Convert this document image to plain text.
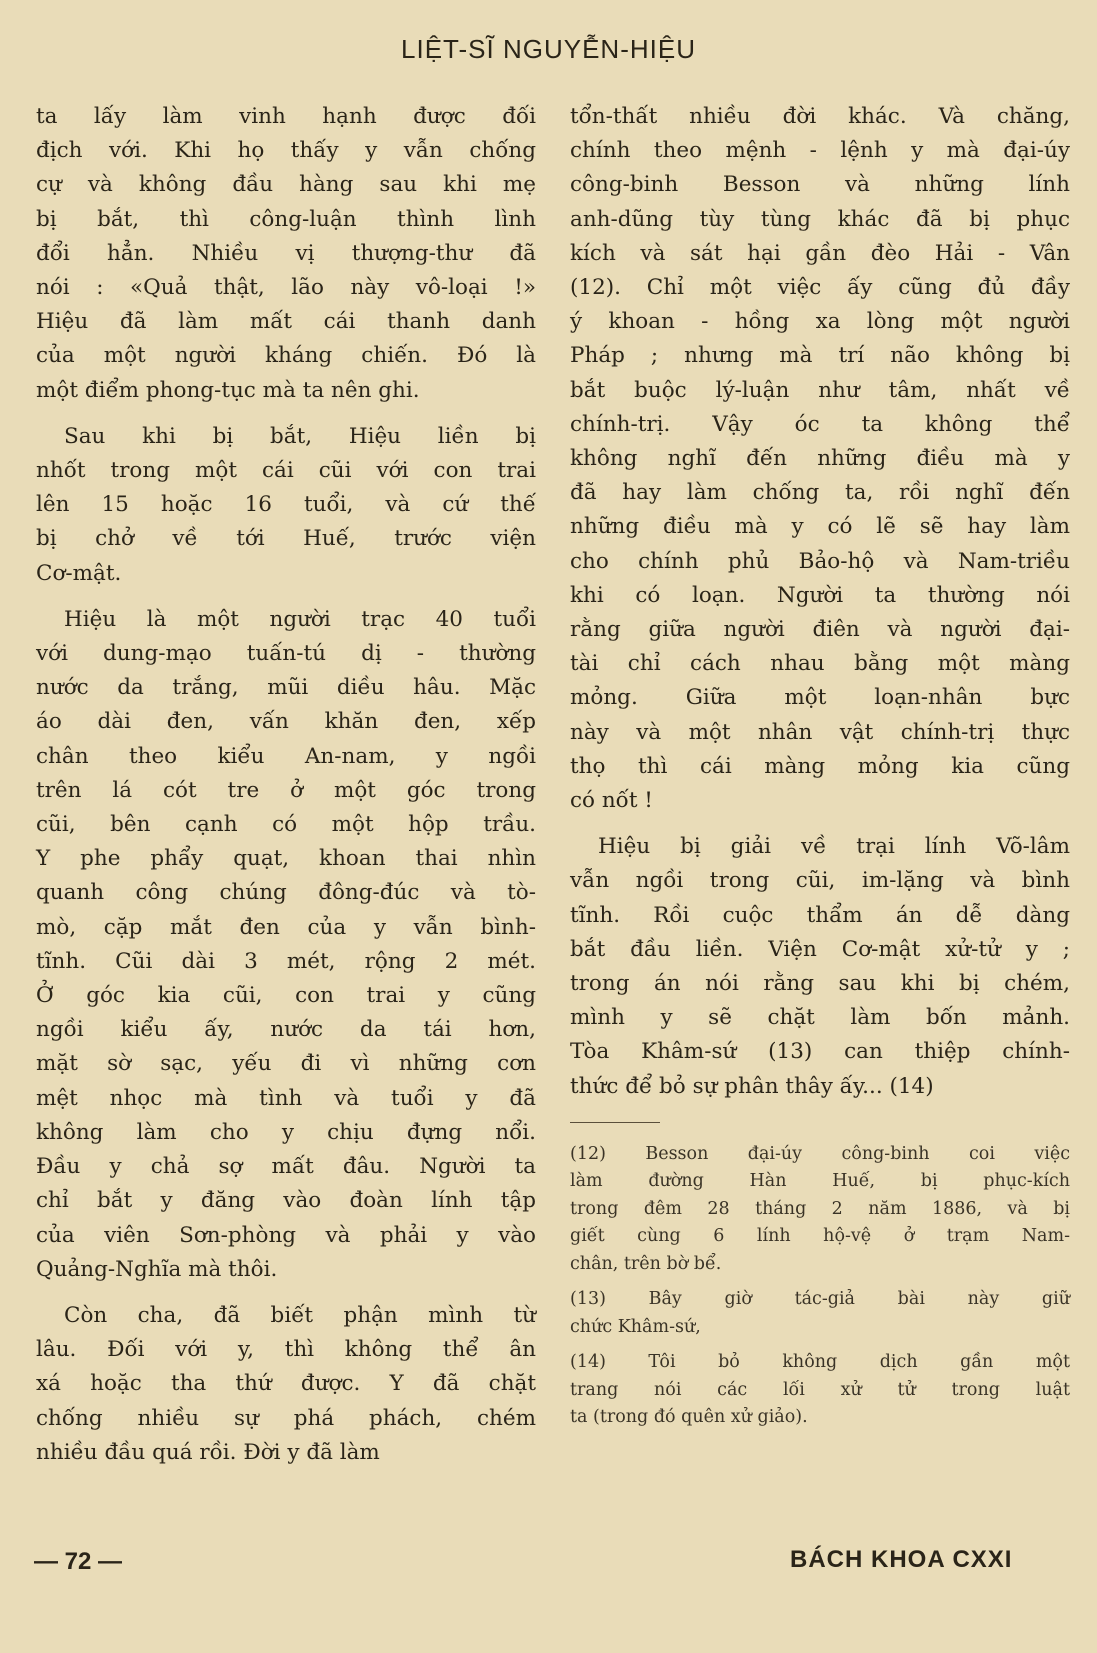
LIỆT-SĨ NGUYỄN-HIỆU
ta lấy làm vinh hạnh được đối
địch với. Khi họ thấy y vẫn chống
cự và không đầu hàng sau khi mẹ
bị bắt, thì công-luận thình lình
đổi hẳn. Nhiều vị thượng-thư đã
nói : «Quả thật, lão này vô-loại !»
Hiệu đã làm mất cái thanh danh
của một người kháng chiến. Đó là
một điểm phong-tục mà ta nên ghi.
Sau khi bị bắt, Hiệu liền bị
nhốt trong một cái cũi với con trai
lên 15 hoặc 16 tuổi, và cứ thế
bị chở về tới Huế, trước viện
Cơ-mật.
Hiệu là một người trạc 40 tuổi
với dung-mạo tuấn-tú dị - thường
nước da trắng, mũi diều hâu. Mặc
áo dài đen, vấn khăn đen, xếp
chân theo kiểu An-nam, y ngồi
trên lá cót tre ở một góc trong
cũi, bên cạnh có một hộp trầu.
Y phe phẩy quạt, khoan thai nhìn
quanh công chúng đông-đúc và tò-
mò, cặp mắt đen của y vẫn bình-
tĩnh. Cũi dài 3 mét, rộng 2 mét.
Ở góc kia cũi, con trai y cũng
ngồi kiểu ấy, nước da tái hơn,
mặt sờ sạc, yếu đi vì những cơn
mệt nhọc mà tình và tuổi y đã
không làm cho y chịu đựng nổi.
Đầu y chả sợ mất đâu. Người ta
chỉ bắt y đăng vào đoàn lính tập
của viên Sơn-phòng và phải y vào
Quảng-Nghĩa mà thôi.
Còn cha, đã biết phận mình từ
lâu. Đối với y, thì không thể ân
xá hoặc tha thứ được. Y đã chặt
chống nhiều sự phá phách, chém
nhiều đầu quá rồi. Đời y đã làm
tổn-thất nhiều đời khác. Và chăng,
chính theo mệnh - lệnh y mà đại-úy
công-binh Besson và những lính
anh-dũng tùy tùng khác đã bị phục
kích và sát hại gần đèo Hải - Vân
(12). Chỉ một việc ấy cũng đủ đầy
ý khoan - hồng xa lòng một người
Pháp ; nhưng mà trí não không bị
bắt buộc lý-luận như tâm, nhất về
chính-trị. Vậy óc ta không thể
không nghĩ đến những điều mà y
đã hay làm chống ta, rồi nghĩ đến
những điều mà y có lẽ sẽ hay làm
cho chính phủ Bảo-hộ và Nam-triều
khi có loạn. Người ta thường nói
rằng giữa người điên và người đại-
tài chỉ cách nhau bằng một màng
mỏng. Giữa một loạn-nhân bực
này và một nhân vật chính-trị thực
thọ thì cái màng mỏng kia cũng
có nốt !
Hiệu bị giải về trại lính Võ-lâm
vẫn ngồi trong cũi, im-lặng và bình
tĩnh. Rồi cuộc thẩm án dễ dàng
bắt đầu liền. Viện Cơ-mật xử-tử y ;
trong án nói rằng sau khi bị chém,
mình y sẽ chặt làm bốn mảnh.
Tòa Khâm-sứ (13) can thiệp chính-
thức để bỏ sự phân thây ấy... (14)
(12) Besson đại-úy công-binh coi việc
làm đường Hàn Huế, bị phục-kích
trong đêm 28 tháng 2 năm 1886, và bị
giết cùng 6 lính hộ-vệ ở trạm Nam-
chân, trên bờ bể.
(13) Bây giờ tác-giả bài này giữ
chức Khâm-sứ,
(14) Tôi bỏ không dịch gần một
trang nói các lối xử tử trong luật
ta (trong đó quên xử giảo).
— 72 —	BÁCH KHOA CXXI
